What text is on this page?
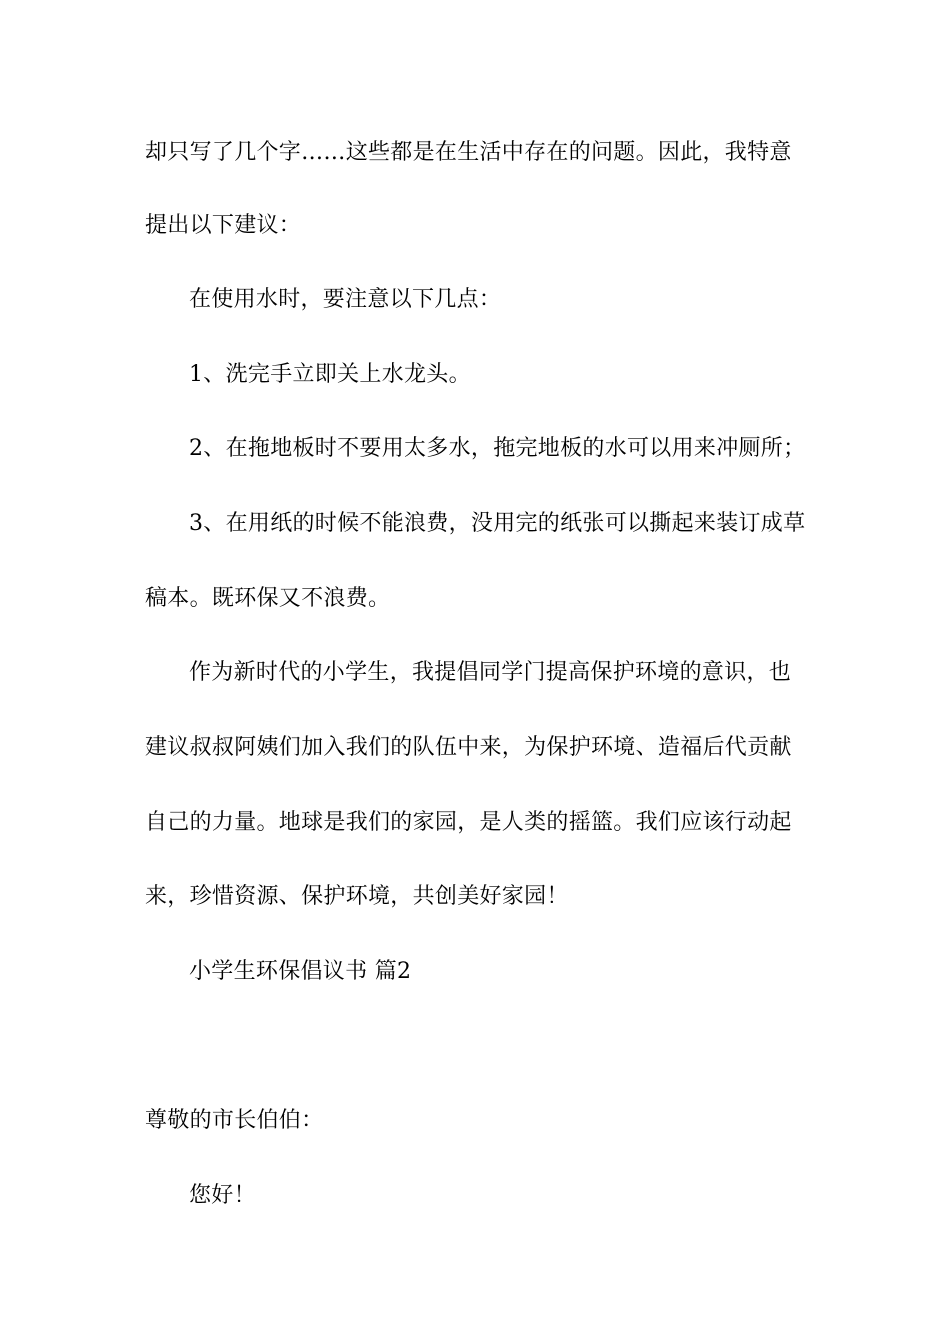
却只写了几个字……这些都是在生活中存在的问题。因此，我特意
提出以下建议：
在使用水时，要注意以下几点：
1、洗完手立即关上水龙头。
2、在拖地板时不要用太多水，拖完地板的水可以用来冲厕所；
3、在用纸的时候不能浪费，没用完的纸张可以撕起来装订成草
稿本。既环保又不浪费。
作为新时代的小学生，我提倡同学门提高保护环境的意识，也
建议叔叔阿姨们加入我们的队伍中来，为保护环境、造福后代贡献
自己的力量。地球是我们的家园，是人类的摇篮。我们应该行动起
来，珍惜资源、保护环境，共创美好家园！
小学生环保倡议书 篇2
尊敬的市长伯伯：
您好！
